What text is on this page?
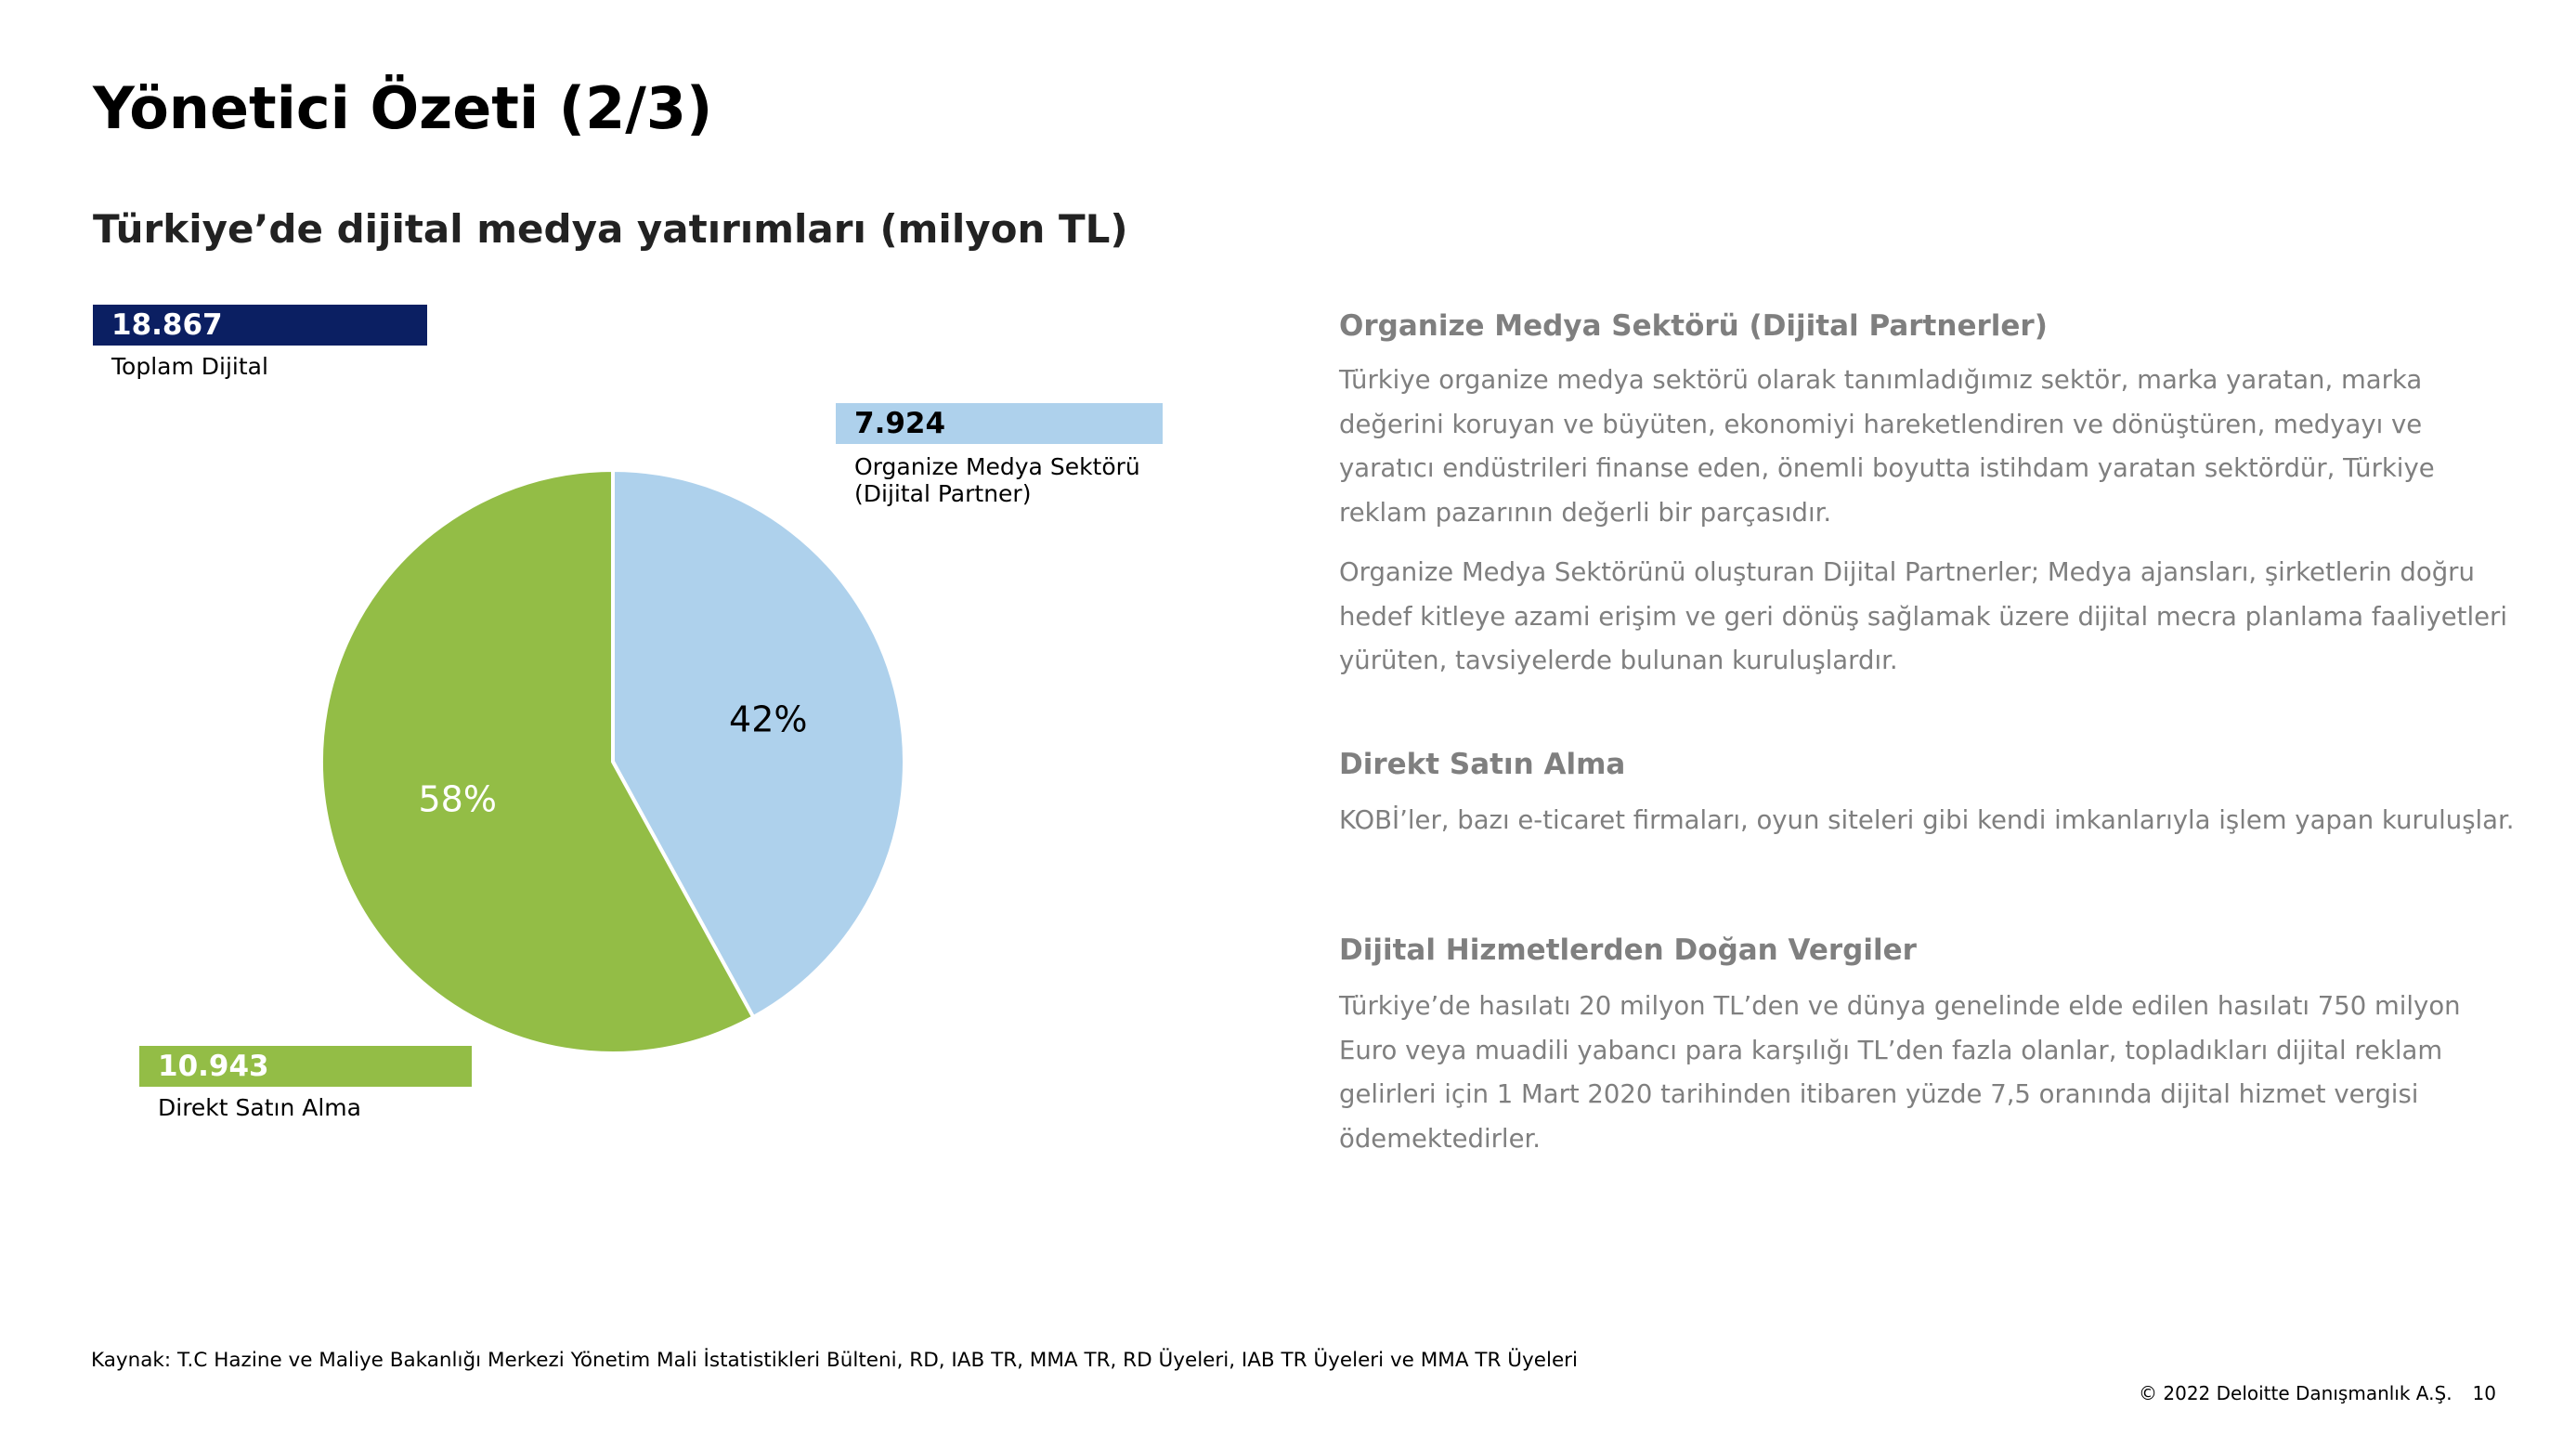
Yönetici Özeti (2/3)
Türkiye’de dijital medya yatırımları (milyon TL)
18.867
Toplam Dijital
7.924
Organize Medya Sektörü
(Dijital Partner)
10.943
Direkt Satın Alma
42%
58%
Organize Medya Sektörü (Dijital Partnerler)

Türkiye organize medya sektörü olarak tanımladığımız sektör, marka yaratan, marka değerini koruyan ve büyüten, ekonomiyi hareketlendiren ve dönüştüren, medyayı ve yaratıcı endüstrileri finanse eden, önemli boyutta istihdam yaratan sektördür, Türkiye reklam pazarının değerli bir parçasıdır.

Organize Medya Sektörünü oluşturan Dijital Partnerler; Medya ajansları, şirketlerin doğru hedef kitleye azami erişim ve geri dönüş sağlamak üzere dijital mecra planlama faaliyetleri yürüten, tavsiyelerde bulunan kuruluşlardır.

Direkt Satın Alma

KOBİ’ler, bazı e-ticaret firmaları, oyun siteleri gibi kendi imkanlarıyla işlem yapan kuruluşlar.

Dijital Hizmetlerden Doğan Vergiler

Türkiye’de hasılatı 20 milyon TL’den ve dünya genelinde elde edilen hasılatı 750 milyon Euro veya muadili yabancı para karşılığı TL’den fazla olanlar, topladıkları dijital reklam gelirleri için 1 Mart 2020 tarihinden itibaren yüzde 7,5 oranında dijital hizmet vergisi ödemektedirler.

Kaynak: T.C Hazine ve Maliye Bakanlığı Merkezi Yönetim Mali İstatistikleri Bülteni, RD, IAB TR, MMA TR, RD Üyeleri, IAB TR Üyeleri ve MMA TR Üyeleri
© 2022 Deloitte Danışmanlık A.Ş. 10
